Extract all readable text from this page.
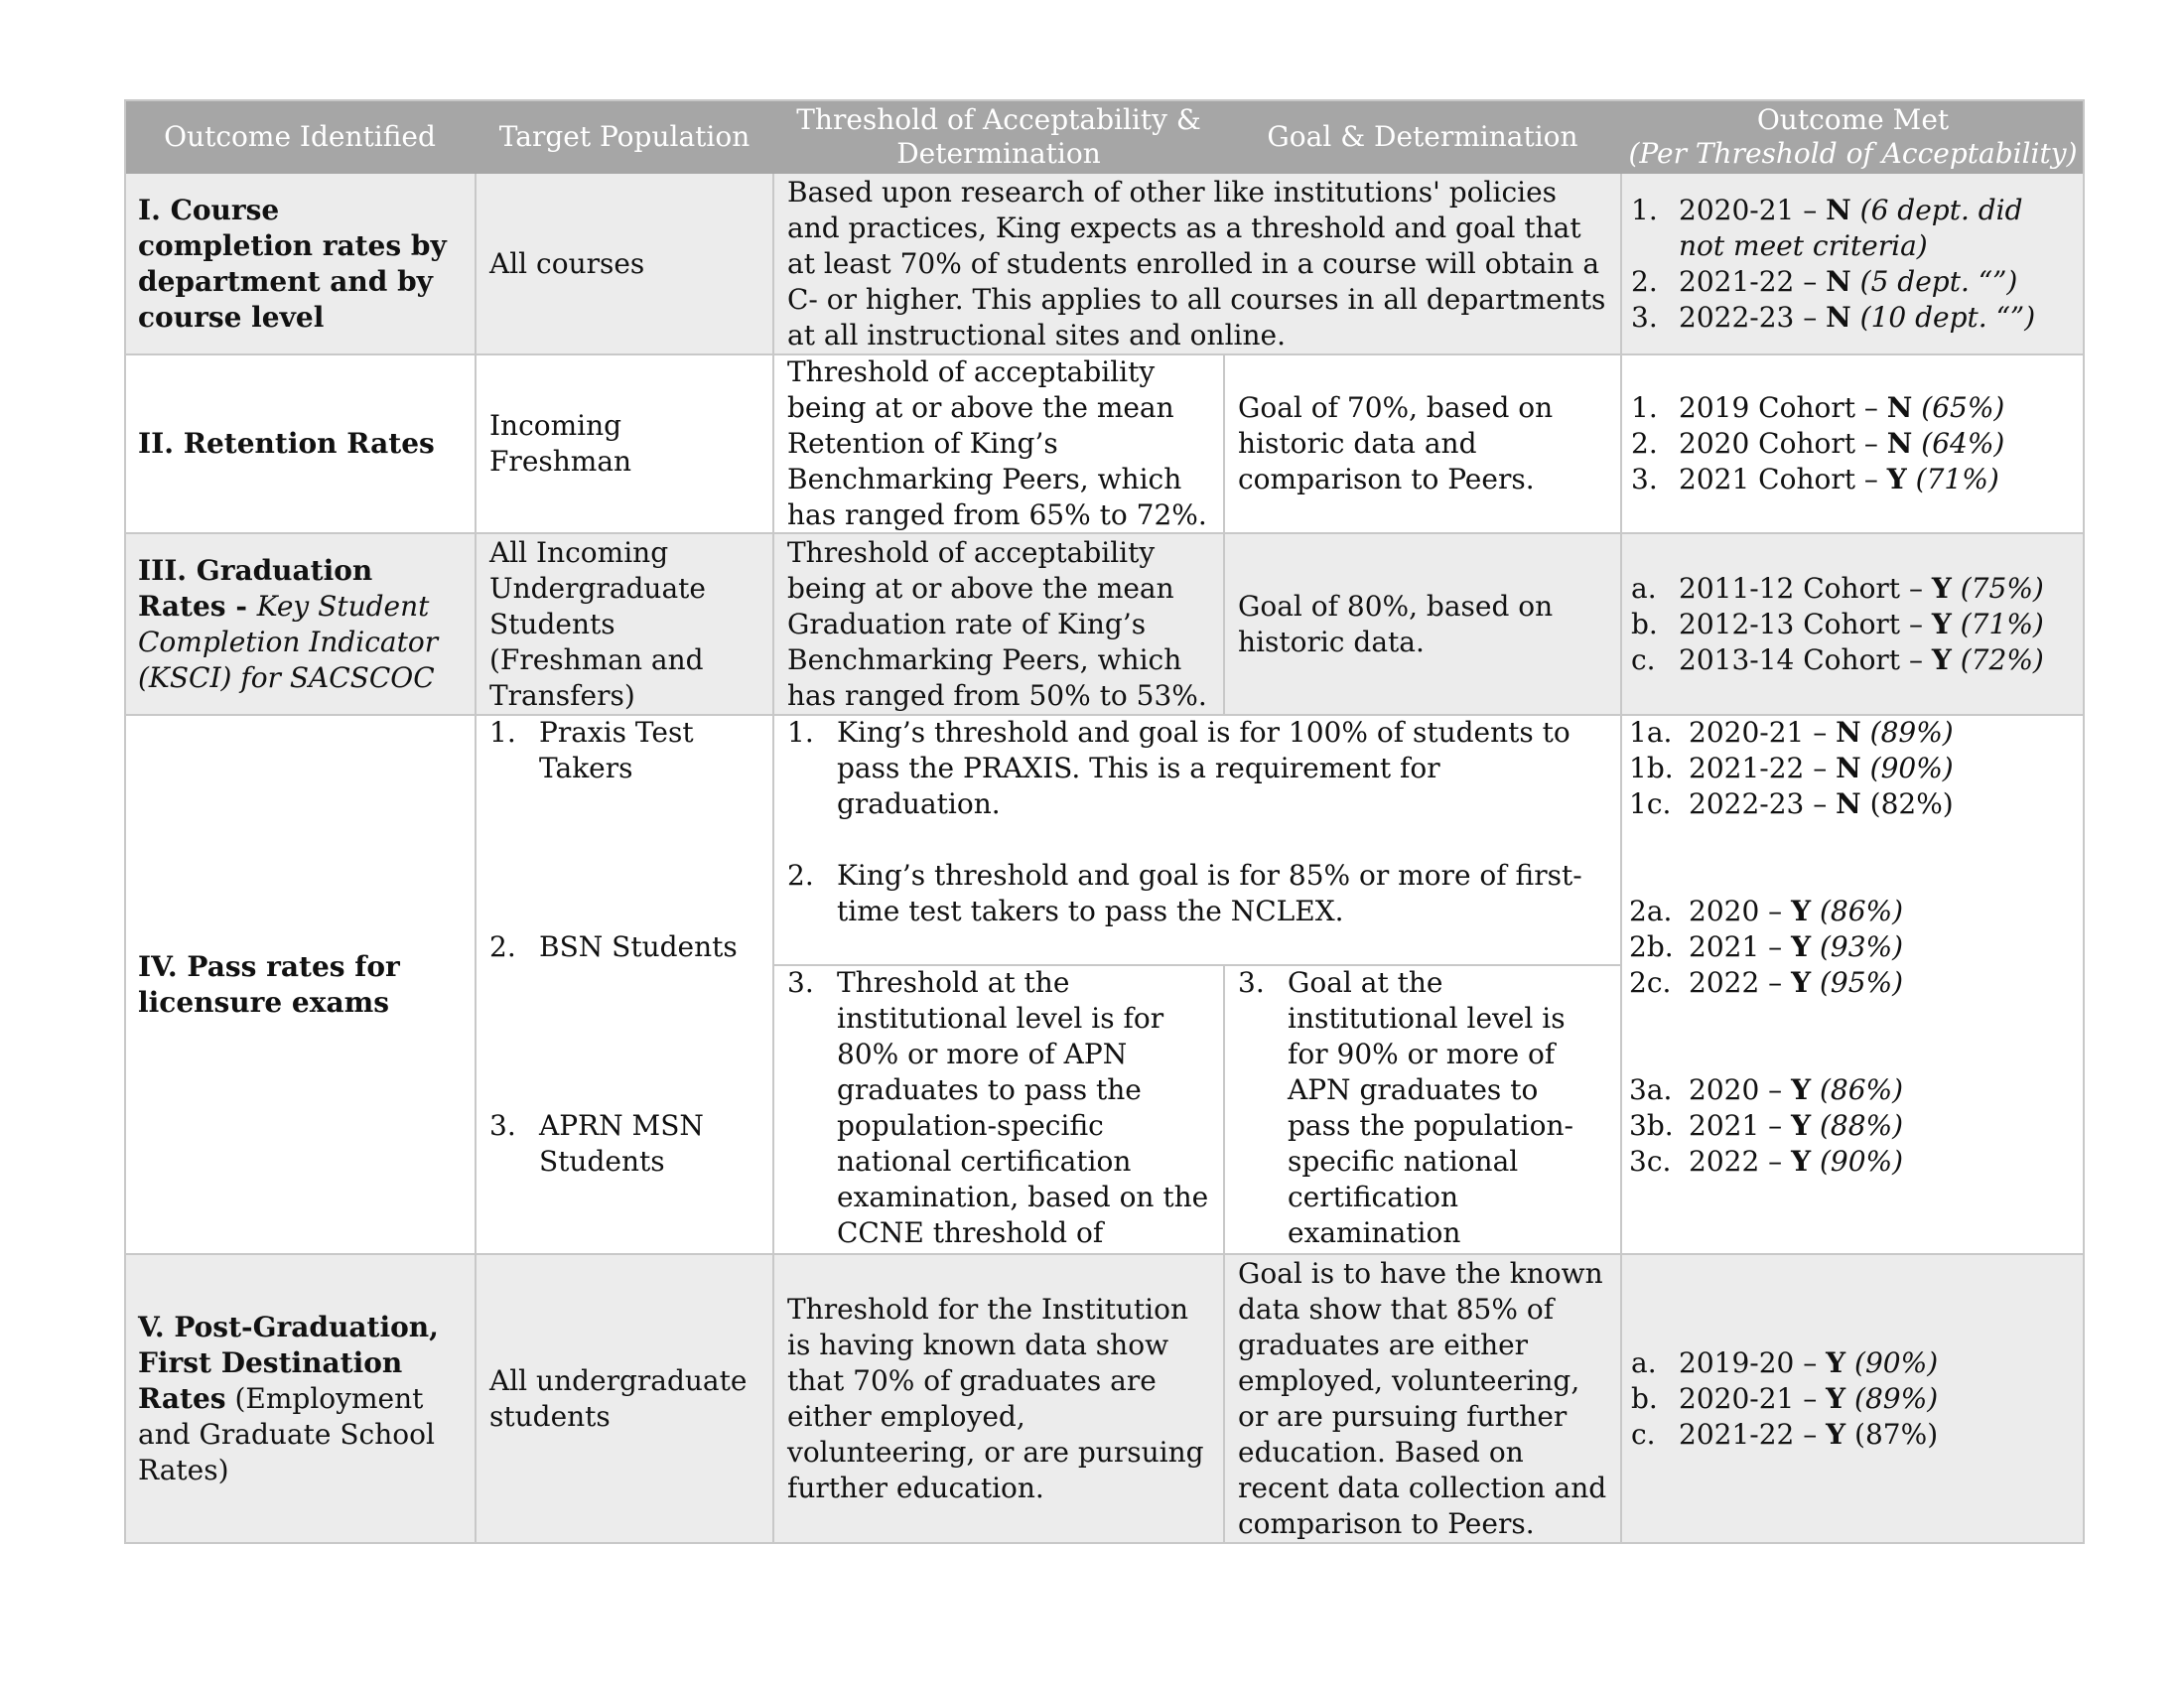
Outcome Identified Target Population
Threshold of Acceptability & Determination
Goal & Determination
Outcome Met
(Per Threshold of Acceptability)
I. Course completion rates by department and by course level
All courses
Based upon research of other like institutions' policies and practices, King expects as a threshold and goal that at least 70% of students enrolled in a course will obtain a C- or higher. This applies to all courses in all departments at all instructional sites and online.
1. 2020-21 – N (6 dept. did not meet criteria)
2. 2021-22 – N (5 dept. “”)
3. 2022-23 – N (10 dept. “”)
II. Retention Rates
Incoming Freshman
Threshold of acceptability being at or above the mean Retention of King’s Benchmarking Peers, which has ranged from 65% to 72%.
Goal of 70%, based on historic data and comparison to Peers.
1. 2019 Cohort – N (65%)
2. 2020 Cohort – N (64%)
3. 2021 Cohort – Y (71%)
III. Graduation Rates - Key Student Completion Indicator (KSCI) for SACSCOC
All Incoming Undergraduate Students (Freshman and Transfers)
Threshold of acceptability being at or above the mean Graduation rate of King’s Benchmarking Peers, which has ranged from 50% to 53%.
Goal of 80%, based on historic data.
a. 2011-12 Cohort – Y (75%)
b. 2012-13 Cohort – Y (71%)
c. 2013-14 Cohort – Y (72%)
IV. Pass rates for licensure exams
1. Praxis Test Takers
2. BSN Students
3. APRN MSN Students
1. King’s threshold and goal is for 100% of students to pass the PRAXIS. This is a requirement for graduation.
2. King’s threshold and goal is for 85% or more of first-time test takers to pass the NCLEX.
3. Threshold at the institutional level is for 80% or more of APN graduates to pass the population-specific national certification examination, based on the CCNE threshold of
3. Goal at the institutional level is for 90% or more of APN graduates to pass the population-specific national certification examination
1a. 2020-21 – N (89%)
1b. 2021-22 – N (90%)
1c. 2022-23 – N (82%)
2a. 2020 – Y (86%)
2b. 2021 – Y (93%)
2c. 2022 – Y (95%)
3a. 2020 – Y (86%)
3b. 2021 – Y (88%)
3c. 2022 – Y (90%)
V. Post-Graduation, First Destination Rates (Employment and Graduate School Rates)
All undergraduate students
Threshold for the Institution is having known data show that 70% of graduates are either employed, volunteering, or are pursuing further education.
Goal is to have the known data show that 85% of graduates are either employed, volunteering, or are pursuing further education. Based on recent data collection and comparison to Peers.
a. 2019-20 – Y (90%)
b. 2020-21 – Y (89%)
c. 2021-22 – Y (87%)
